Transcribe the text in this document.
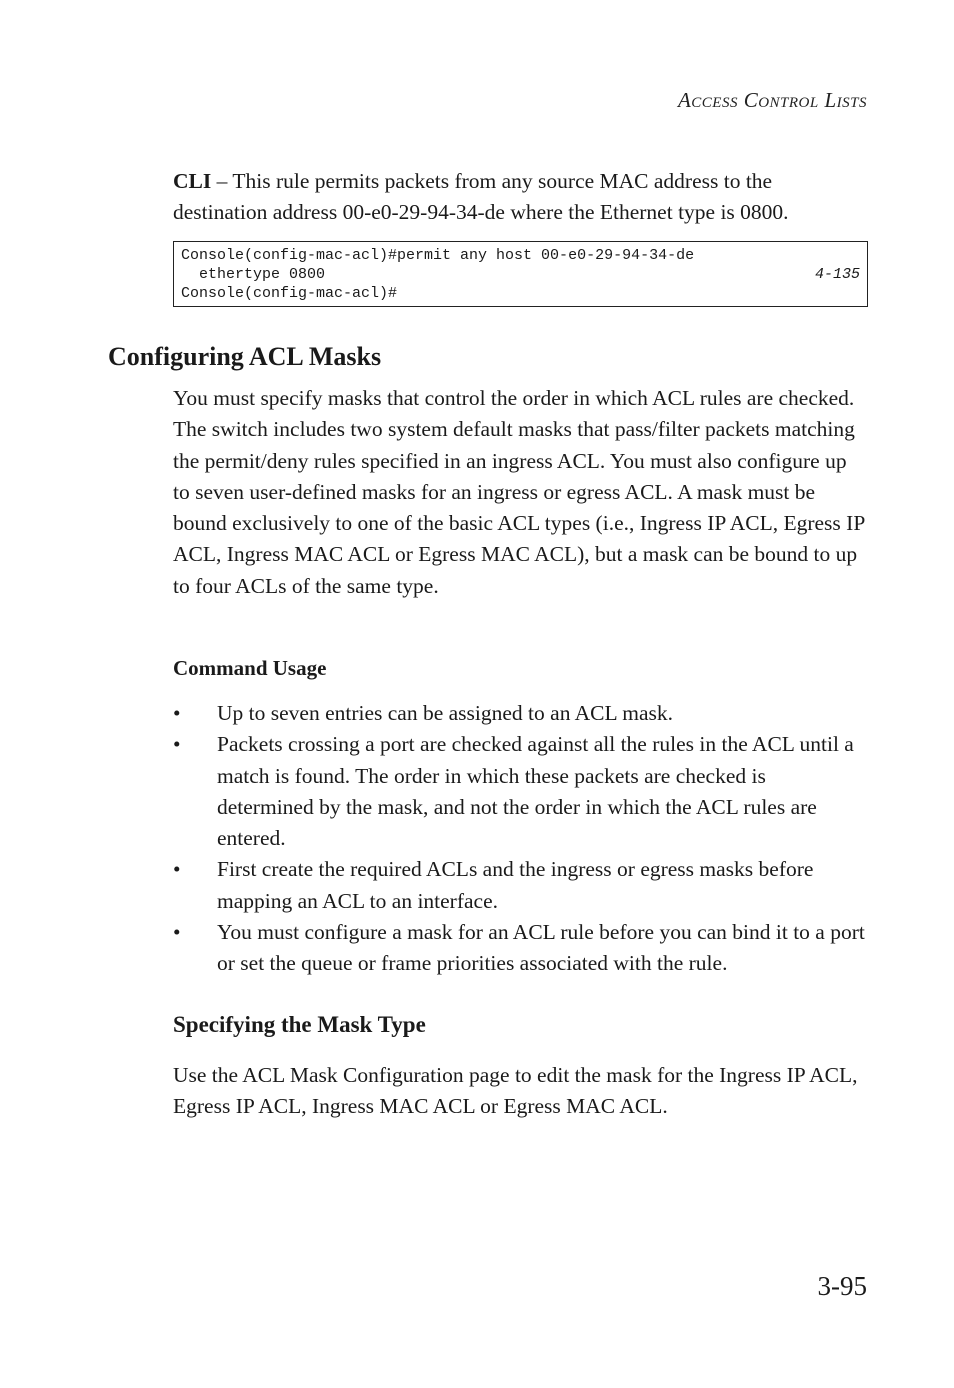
Access Control Lists
CLI – This rule permits packets from any source MAC address to the destination address 00-e0-29-94-34-de where the Ethernet type is 0800.
Console(config-mac-acl)#permit any host 00-e0-29-94-34-de
ethertype 0800	4-135
Console(config-mac-acl)#
Configuring ACL Masks
You must specify masks that control the order in which ACL rules are checked. The switch includes two system default masks that pass/filter packets matching the permit/deny rules specified in an ingress ACL. You must also configure up to seven user-defined masks for an ingress or egress ACL. A mask must be bound exclusively to one of the basic ACL types (i.e., Ingress IP ACL, Egress IP ACL, Ingress MAC ACL or Egress MAC ACL), but a mask can be bound to up to four ACLs of the same type.
Command Usage
• Up to seven entries can be assigned to an ACL mask.
• Packets crossing a port are checked against all the rules in the ACL until a match is found. The order in which these packets are checked is determined by the mask, and not the order in which the ACL rules are entered.
• First create the required ACLs and the ingress or egress masks before mapping an ACL to an interface.
• You must configure a mask for an ACL rule before you can bind it to a port or set the queue or frame priorities associated with the rule.
Specifying the Mask Type
Use the ACL Mask Configuration page to edit the mask for the Ingress IP ACL, Egress IP ACL, Ingress MAC ACL or Egress MAC ACL.
3-95
